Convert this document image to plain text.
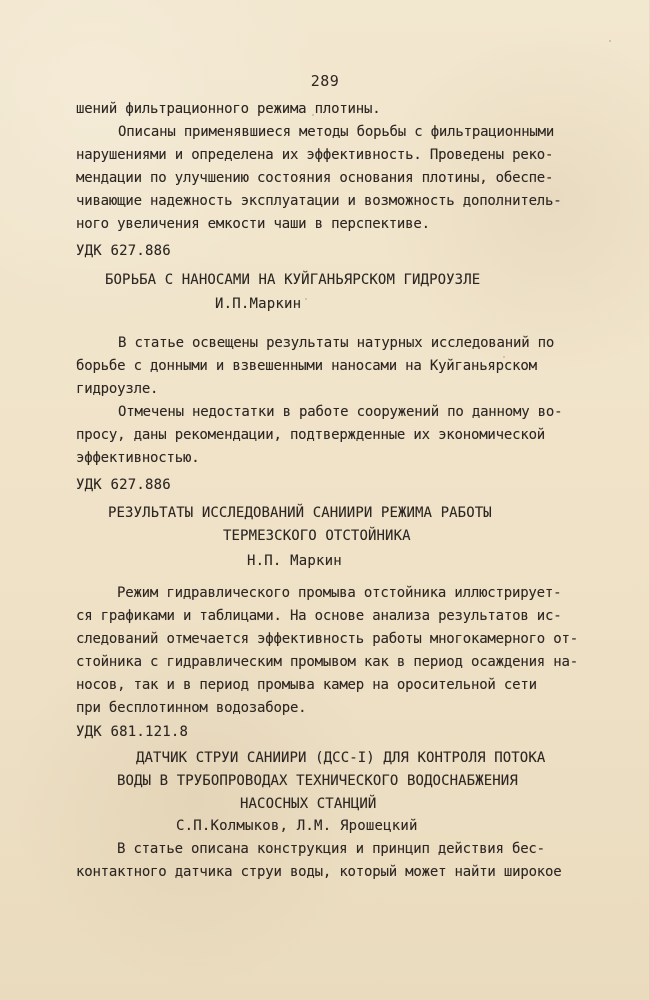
289
шений фильтрационного режима плотины.
Описаны применявшиеся методы борьбы с фильтрационными
нарушениями и определена их эффективность. Проведены реко-
мендации по улучшению состояния основания плотины, обеспе-
чивающие надежность эксплуатации и возможность дополнитель-
ного увеличения емкости чаши в перспективе.
УДК 627.886
БОРЬБА С НАНОСАМИ НА КУЙГАНЬЯРСКОМ ГИДРОУЗЛЕ
И.П.Маркин
В статье освещены результаты натурных исследований по
борьбе с донными и взвешенными наносами на Куйганьярском
гидроузле.
Отмечены недостатки в работе сооружений по данному во-
просу, даны рекомендации, подтвержденные их экономической
эффективностью.
УДК 627.886
РЕЗУЛЬТАТЫ ИССЛЕДОВАНИЙ САНИИРИ РЕЖИМА РАБОТЫ
ТЕРМЕЗСКОГО ОТСТОЙНИКА
Н.П. Маркин
Режим гидравлического промыва отстойника иллюстрирует-
ся графиками и таблицами. На основе анализа результатов ис-
следований отмечается эффективность работы многокамерного от-
стойника с гидравлическим промывом как в период осаждения на-
носов, так и в период промыва камер на оросительной сети
при бесплотинном водозаборе.
УДК 681.121.8
ДАТЧИК СТРУИ САНИИРИ (ДСС-I) ДЛЯ КОНТРОЛЯ ПОТОКА
ВОДЫ В ТРУБОПРОВОДАХ ТЕХНИЧЕСКОГО ВОДОСНАБЖЕНИЯ
НАСОСНЫХ СТАНЦИЙ
С.П.Колмыков, Л.М. Ярошецкий
В статье описана конструкция и принцип действия бес-
контактного датчика струи воды, который может найти широкое
